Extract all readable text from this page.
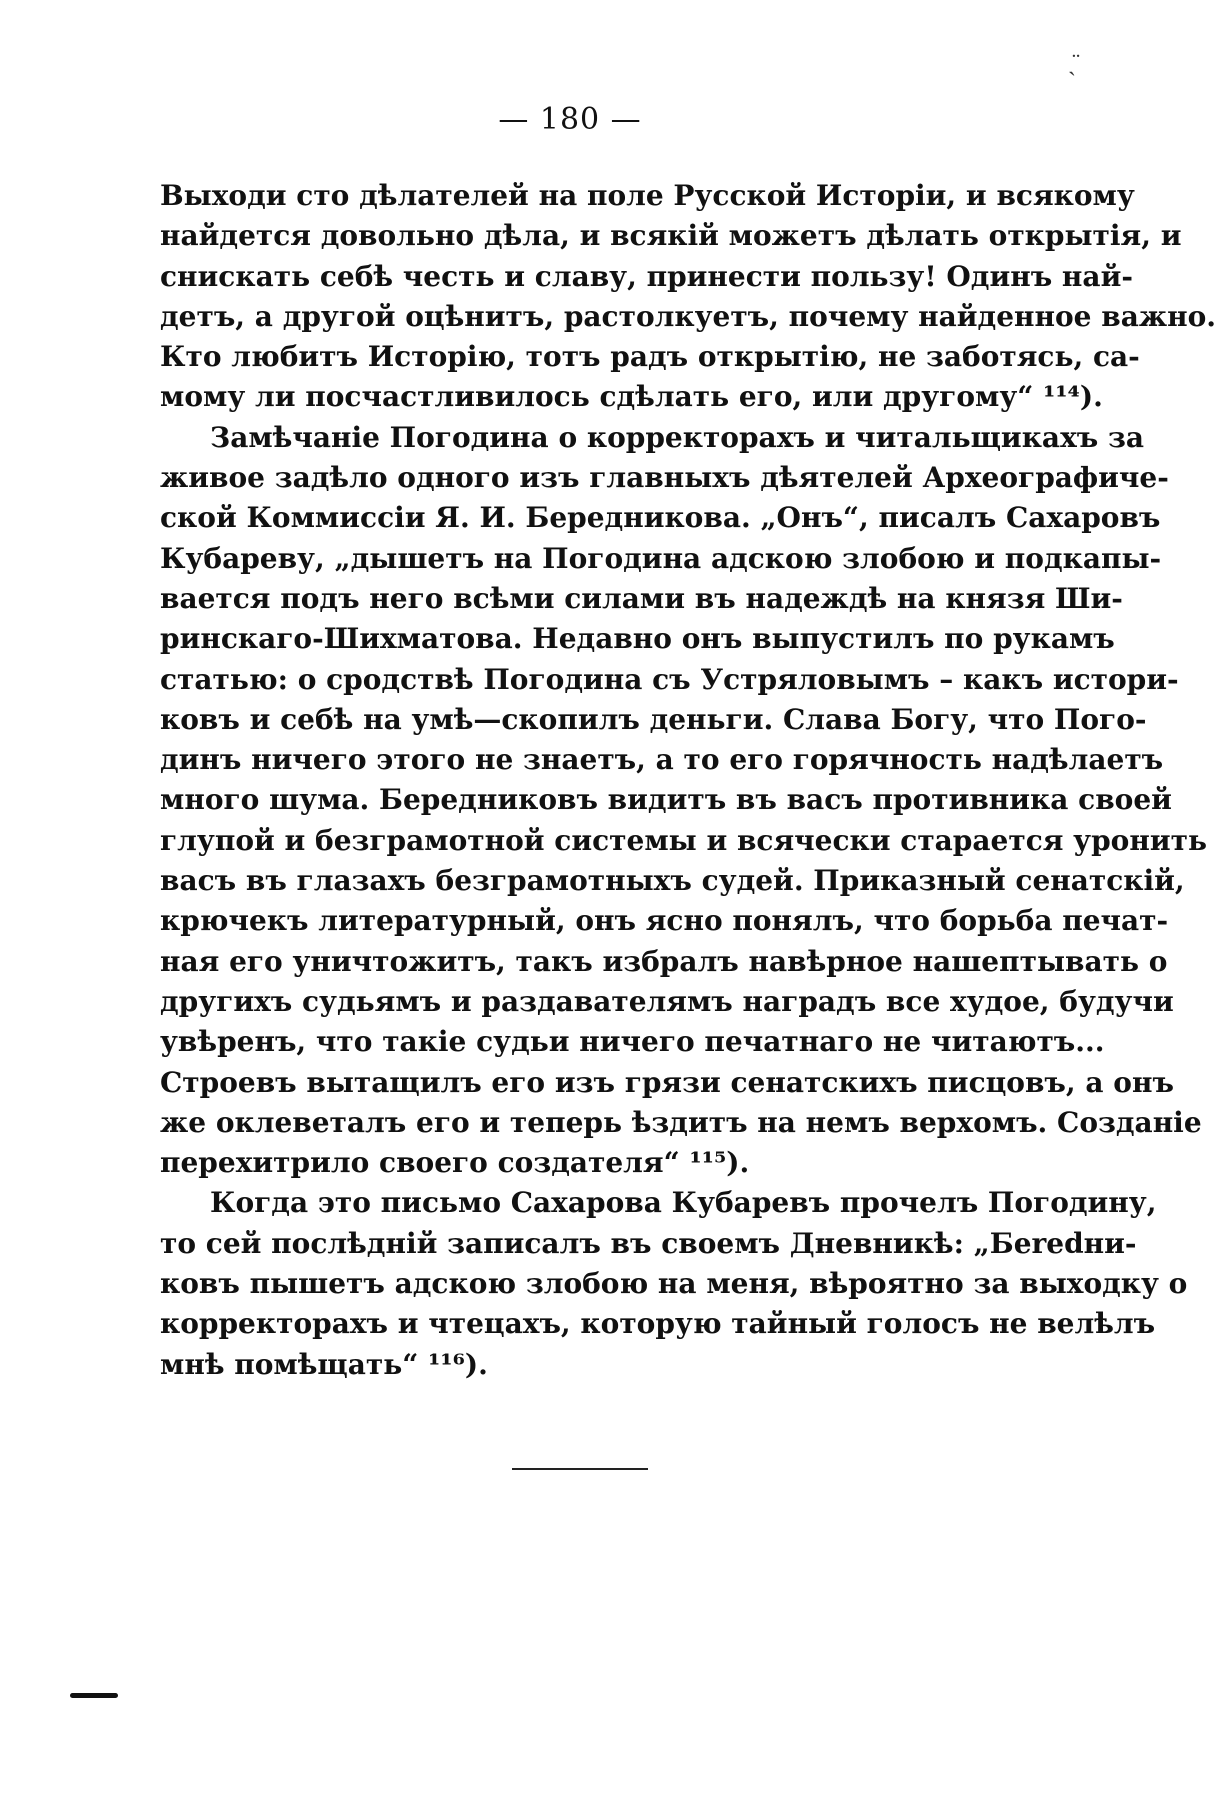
— 180 —
ˏ̈
Выходи сто дѣлателей на поле Русской Исторіи, и всякому
найдется довольно дѣла, и всякій можетъ дѣлать открытія, и
снискать себѣ честь и славу, принести пользу! Одинъ най-
детъ, а другой оцѣнитъ, растолкуетъ, почему найденное важно.
Кто любитъ Исторію, тотъ радъ открытію, не заботясь, са-
мому ли посчастливилось сдѣлать его, или другому“ ¹¹⁴).
Замѣчаніе Погодина о корректорахъ и читальщикахъ за
живое задѣло одного изъ главныхъ дѣятелей Археографиче-
ской Коммиссіи Я. И. Бередникова. „Онъ“, писалъ Сахаровъ
Кубареву, „дышетъ на Погодина адскою злобою и подкапы-
вается подъ него всѣми силами въ надеждѣ на князя Ши-
ринскаго-Шихматова. Недавно онъ выпустилъ по рукамъ
статью: о сродствѣ Погодина съ Устряловымъ – какъ истори-
ковъ и себѣ на умѣ—скопилъ деньги. Слава Богу, что Пого-
динъ ничего этого не знаетъ, а то его горячность надѣлаетъ
много шума. Бередниковъ видитъ въ васъ противника своей
глупой и безграмотной системы и всячески старается уронить
васъ въ глазахъ безграмотныхъ судей. Приказный сенатскій,
крючекъ литературный, онъ ясно понялъ, что борьба печат-
ная его уничтожитъ, такъ избралъ навѣрное нашептывать о
другихъ судьямъ и раздавателямъ наградъ все худое, будучи
увѣренъ, что такіе судьи ничего печатнаго не читаютъ...
Строевъ вытащилъ его изъ грязи сенатскихъ писцовъ, а онъ
же оклеветалъ его и теперь ѣздитъ на немъ верхомъ. Созданіе
перехитрило своего создателя“ ¹¹⁵).
Когда это письмо Сахарова Кубаревъ прочелъ Погодину,
то сей послѣдній записалъ въ своемъ Дневникѣ: „Беredни-
ковъ пышетъ адскою злобою на меня, вѣроятно за выходку о
корректорахъ и чтецахъ, которую тайный голосъ не велѣлъ
мнѣ помѣщать“ ¹¹⁶).
